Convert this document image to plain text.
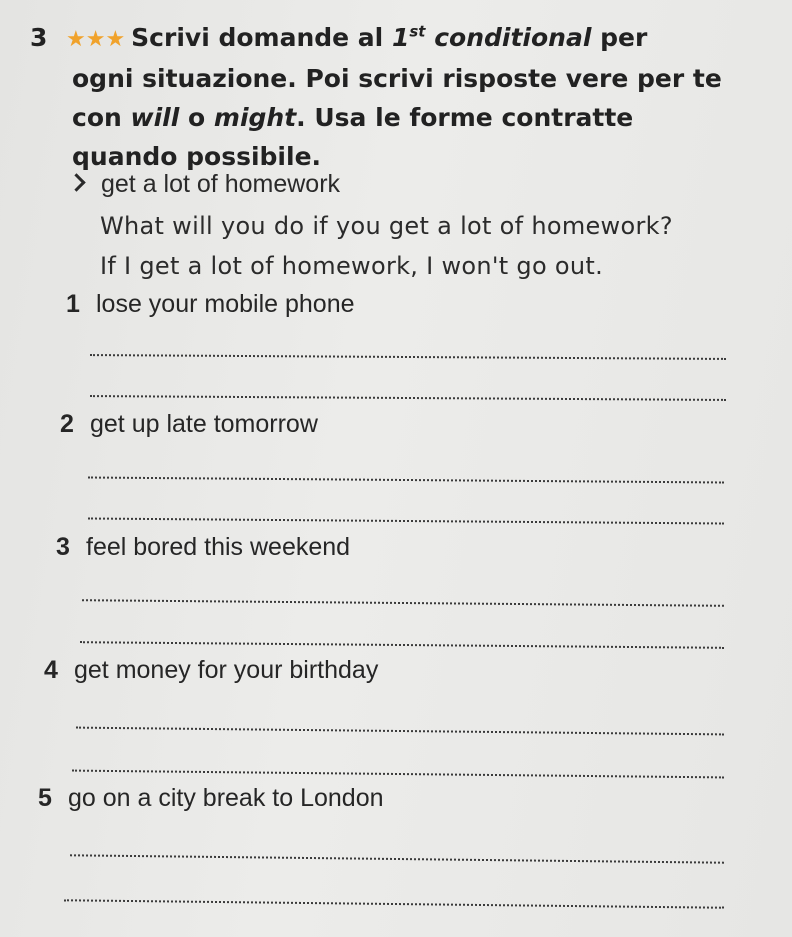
3 ★★★ Scrivi domande al 1st conditional per
ogni situazione. Poi scrivi risposte vere per te
con will o might. Usa le forme contratte
quando possibile.
get a lot of homework
What will you do if you get a lot of homework?
If I get a lot of homework, I won't go out.
1 lose your mobile phone
2 get up late tomorrow
3 feel bored this weekend
4 get money for your birthday
5 go on a city break to London
